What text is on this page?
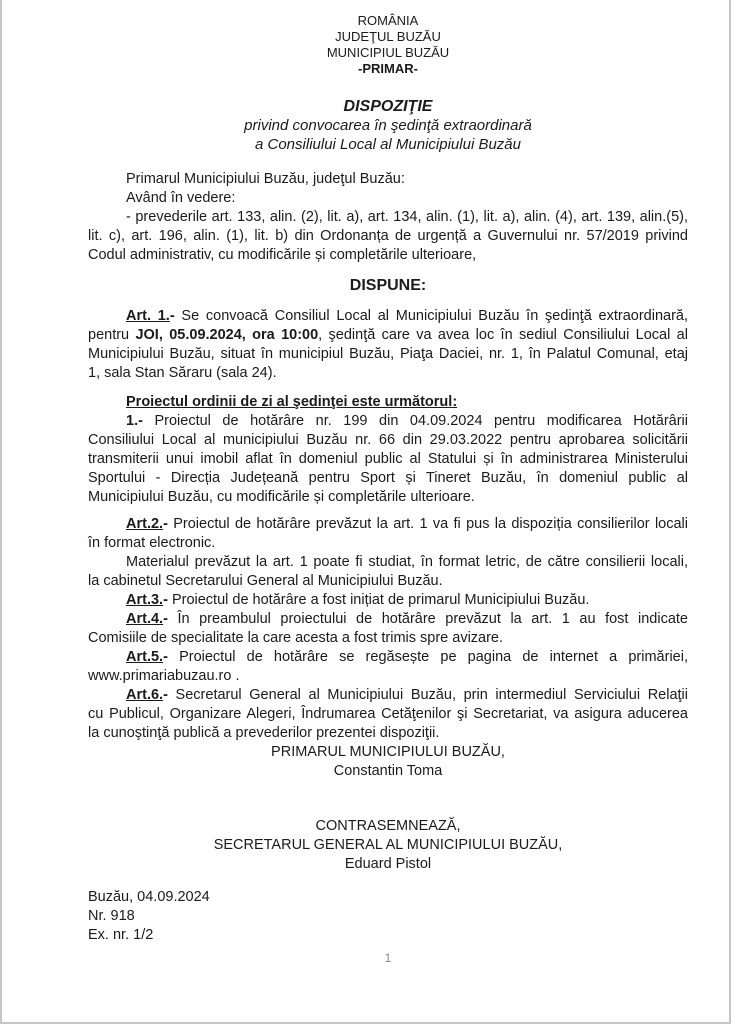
ROMÂNIA
JUDEŢUL BUZĂU
MUNICIPIUL BUZĂU
-PRIMAR-
DISPOZIŢIE
privind convocarea în şedinţă extraordinară
a Consiliului Local al Municipiului Buzău
Primarul Municipiului Buzău, judeţul Buzău:
Având în vedere:
- prevederile art. 133, alin. (2), lit. a), art. 134, alin. (1), lit. a), alin. (4), art. 139, alin.(5),
lit. c), art. 196, alin. (1), lit. b) din Ordonanța de urgență a Guvernului nr. 57/2019 privind
Codul administrativ, cu modificările și completările ulterioare,
DISPUNE:
Art. 1.- Se convoacă Consiliul Local al Municipiului Buzău în şedinţă extraordinară,
pentru JOI, 05.09.2024, ora 10:00, şedinţă care va avea loc în sediul Consiliului Local al
Municipiului Buzău, situat în municipiul Buzău, Piaţa Daciei, nr. 1, în Palatul Comunal, etaj
1, sala Stan Săraru (sala 24).
Proiectul ordinii de zi al şedinţei este următorul:
1.- Proiectul de hotărâre nr. 199 din 04.09.2024 pentru modificarea Hotărârii
Consiliului Local al municipiului Buzău nr. 66 din 29.03.2022 pentru aprobarea solicitării
transmiterii unui imobil aflat în domeniul public al Statului și în administrarea Ministerului
Sportului - Direcția Județeană pentru Sport și Tineret Buzău, în domeniul public al
Municipiului Buzău, cu modificările și completările ulterioare.
Art.2.- Proiectul de hotărâre prevăzut la art. 1 va fi pus la dispoziția consilierilor locali
în format electronic.
Materialul prevăzut la art. 1 poate fi studiat, în format letric, de către consilierii locali,
la cabinetul Secretarului General al Municipiului Buzău.
Art.3.- Proiectul de hotărâre a fost inițiat de primarul Municipiului Buzău.
Art.4.- În preambulul proiectului de hotărâre prevăzut la art. 1 au fost indicate
Comisiile de specialitate la care acesta a fost trimis spre avizare.
Art.5.- Proiectul de hotărâre se regăsește pe pagina de internet a primăriei,
www.primariabuzau.ro .
Art.6.- Secretarul General al Municipiului Buzău, prin intermediul Serviciului Relaţii
cu Publicul, Organizare Alegeri, Îndrumarea Cetăţenilor şi Secretariat, va asigura aducerea
la cunoştinţă publică a prevederilor prezentei dispoziţii.
PRIMARUL MUNICIPIULUI BUZĂU,
Constantin Toma
CONTRASEMNEAZĂ,
SECRETARUL GENERAL AL MUNICIPIULUI BUZĂU,
Eduard Pistol
Buzău, 04.09.2024
Nr. 918
Ex. nr. 1/2
1
